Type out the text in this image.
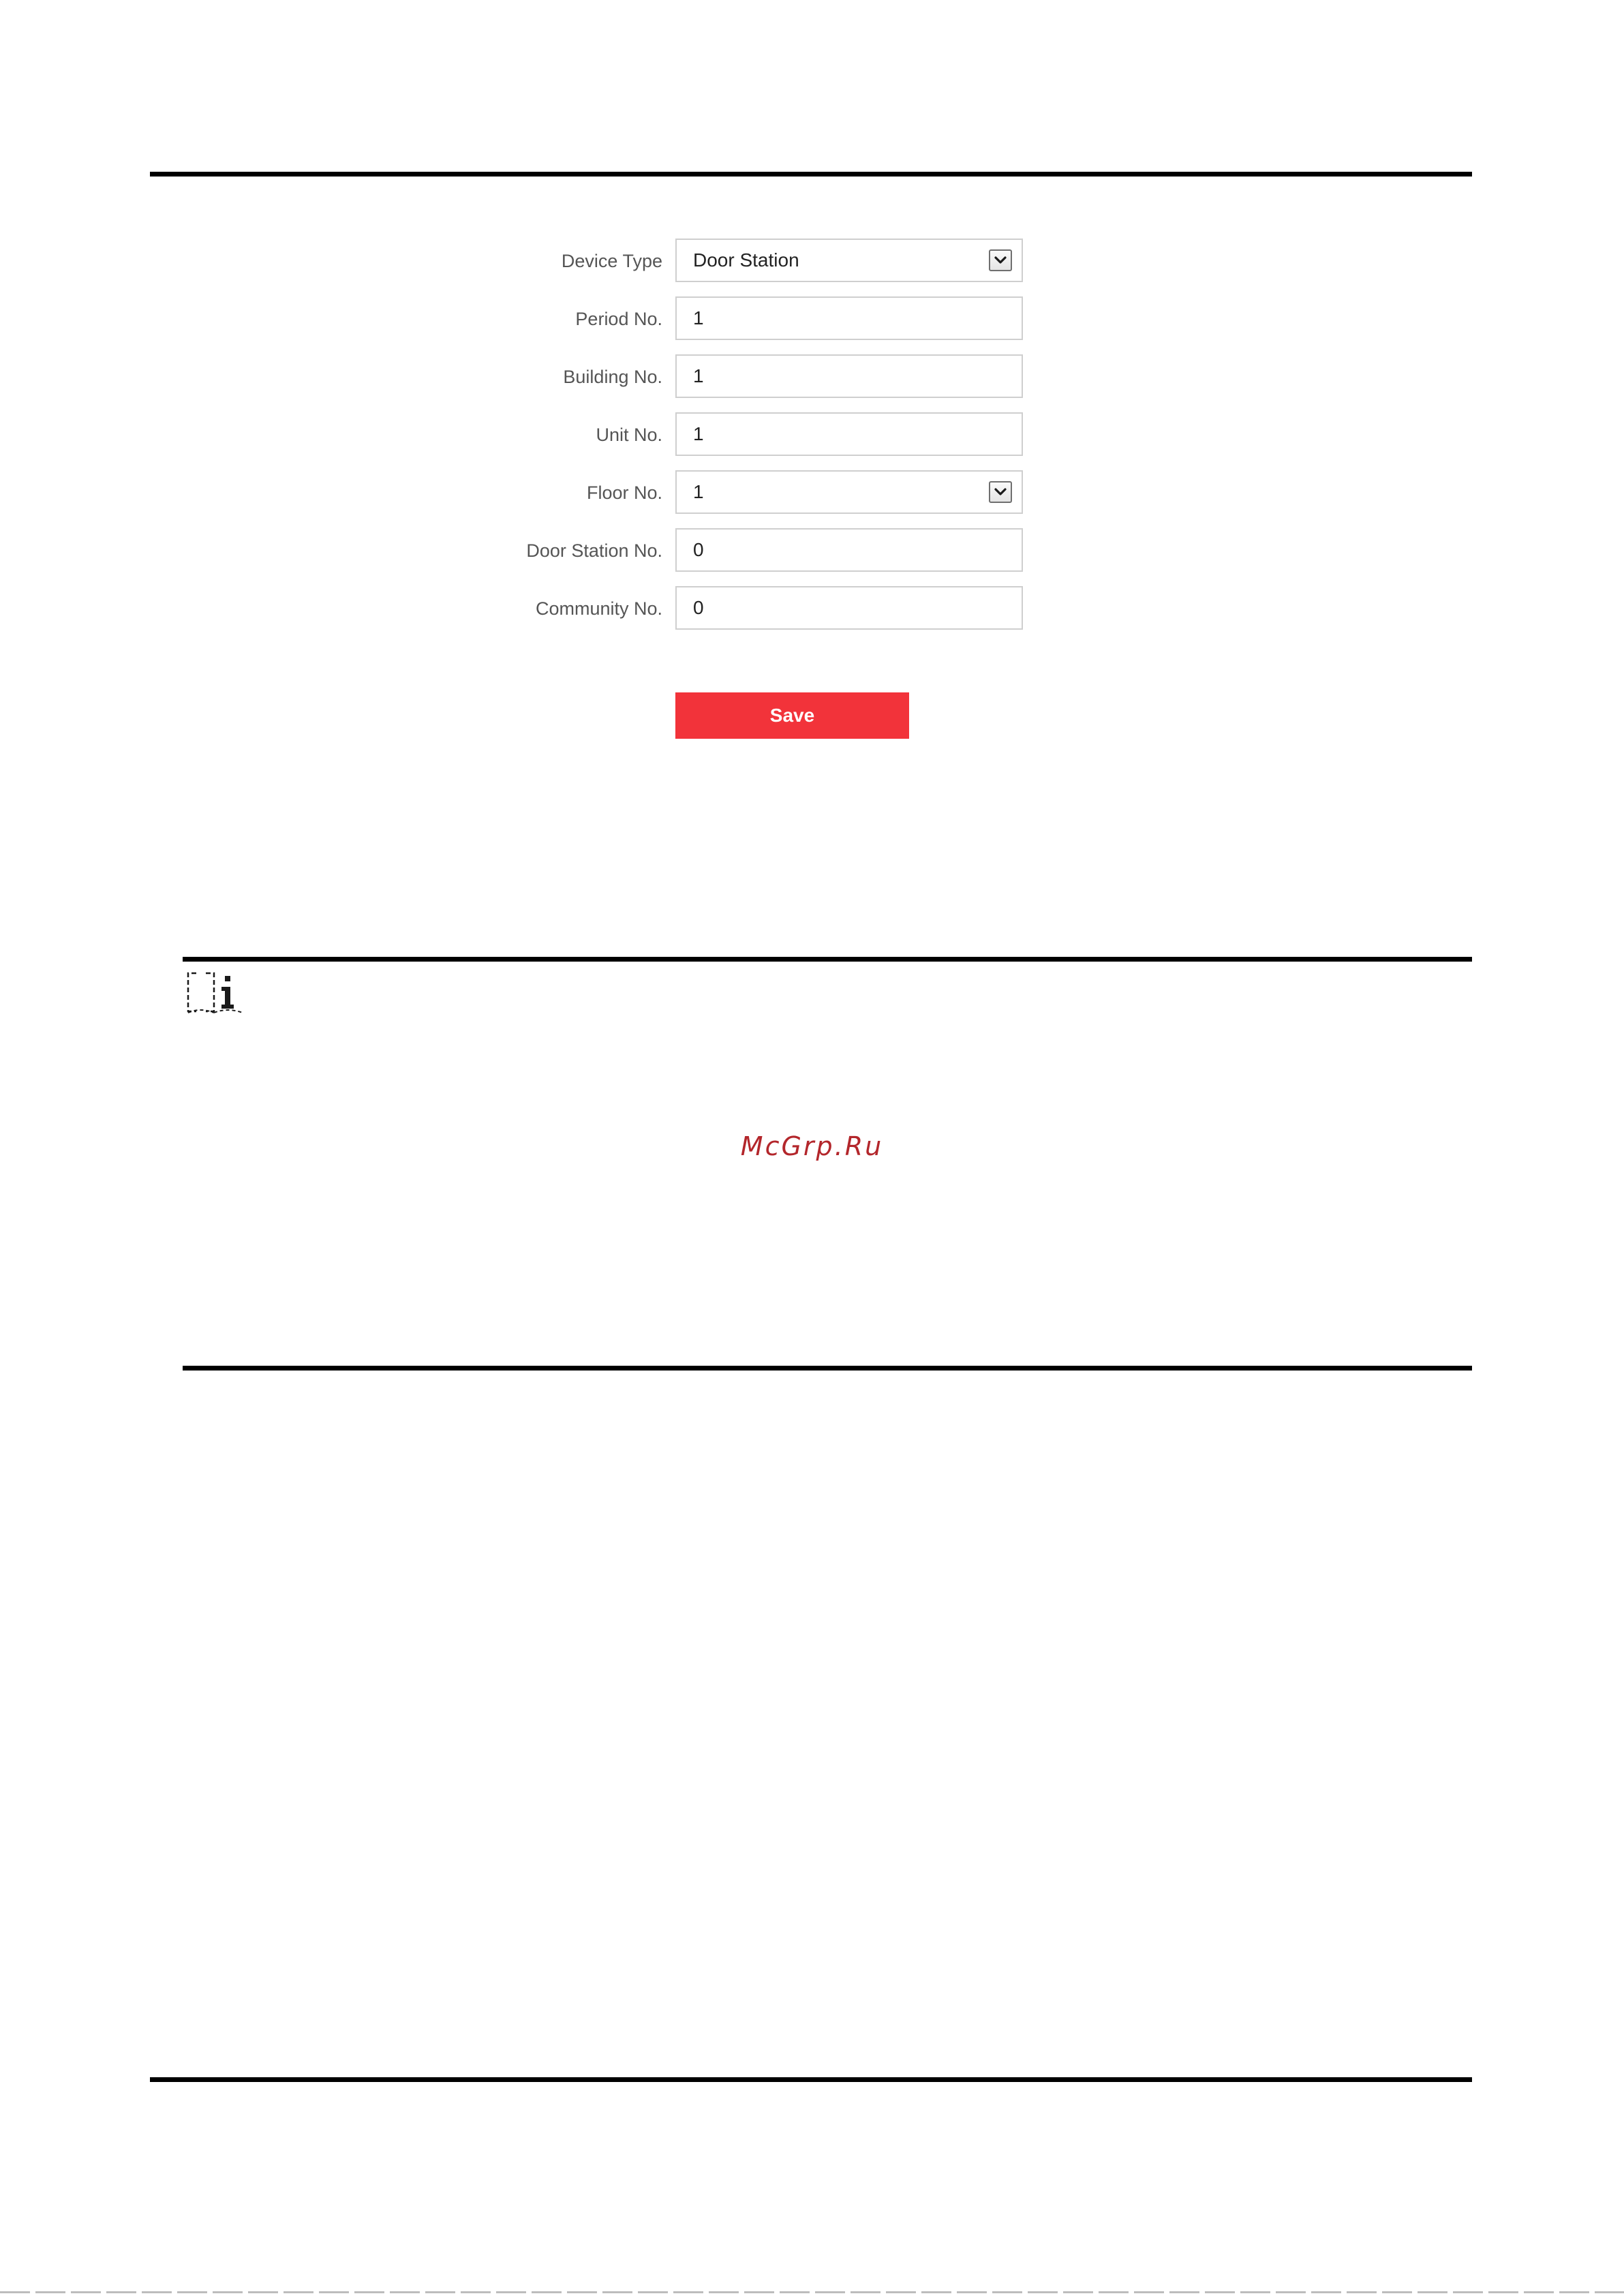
Device Type Door Station
Period No. 1
Building No. 1
Unit No. 1
Floor No. 1
Door Station No. 0
Community No. 0
Save
McGrp.Ru
